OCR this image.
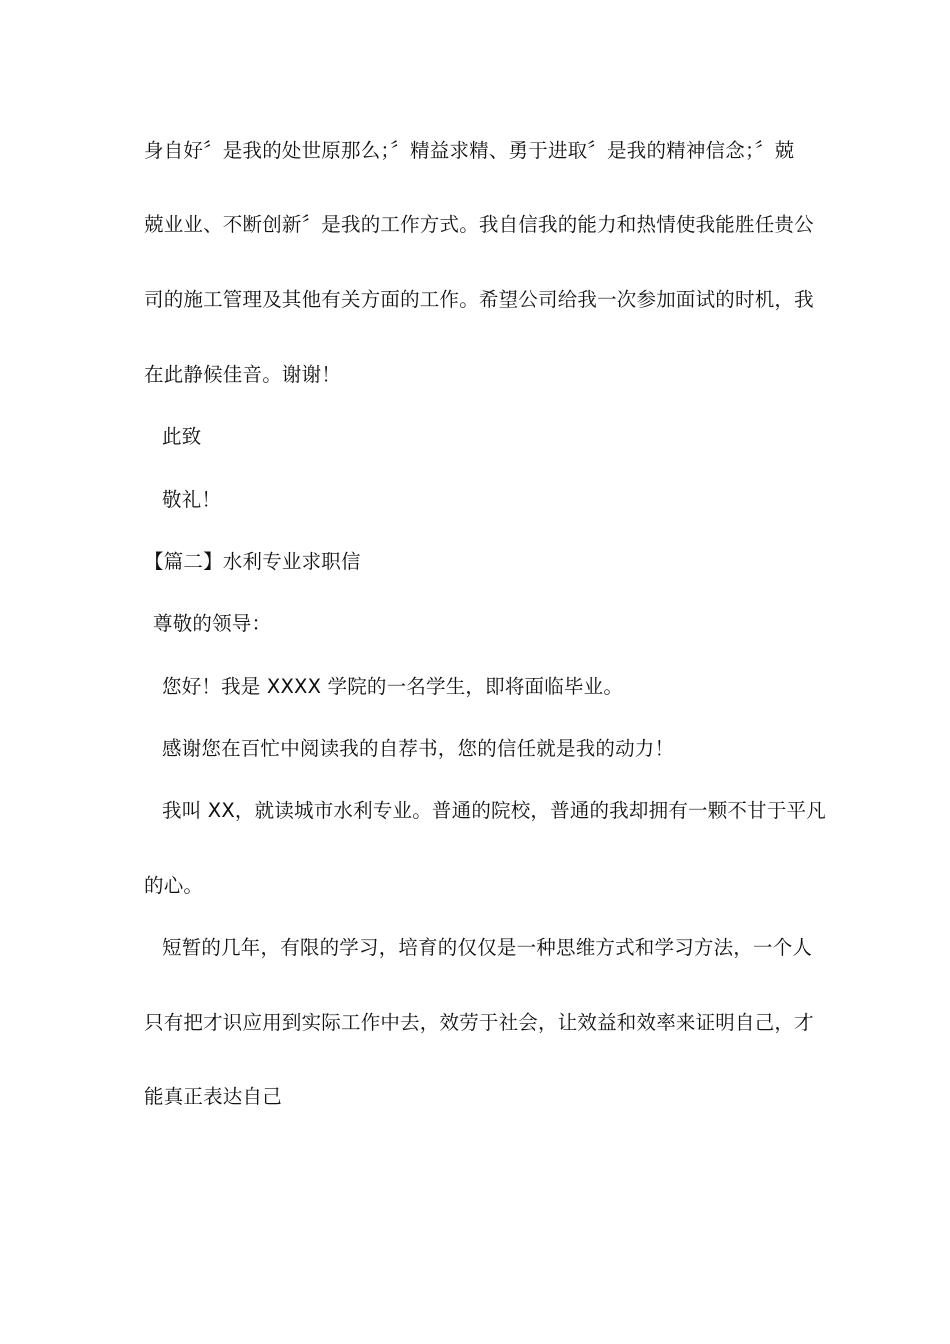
身自好〞是我的处世原那么；〞精益求精、勇于进取〞是我的精神信念；〞兢
兢业业、不断创新〞是我的工作方式。我自信我的能力和热情使我能胜任贵公
司的施工管理及其他有关方面的工作。希望公司给我一次参加面试的时机，我
在此静候佳音。谢谢！
此致
敬礼！
【篇二】水利专业求职信
尊敬的领导：
您好！我是 XXXX 学院的一名学生，即将面临毕业。
感谢您在百忙中阅读我的自荐书，您的信任就是我的动力！
我叫 XX，就读城市水利专业。普通的院校，普通的我却拥有一颗不甘于平凡
的心。
短暂的几年，有限的学习，培育的仅仅是一种思维方式和学习方法，一个人
只有把才识应用到实际工作中去，效劳于社会，让效益和效率来证明自己，才
能真正表达自己
